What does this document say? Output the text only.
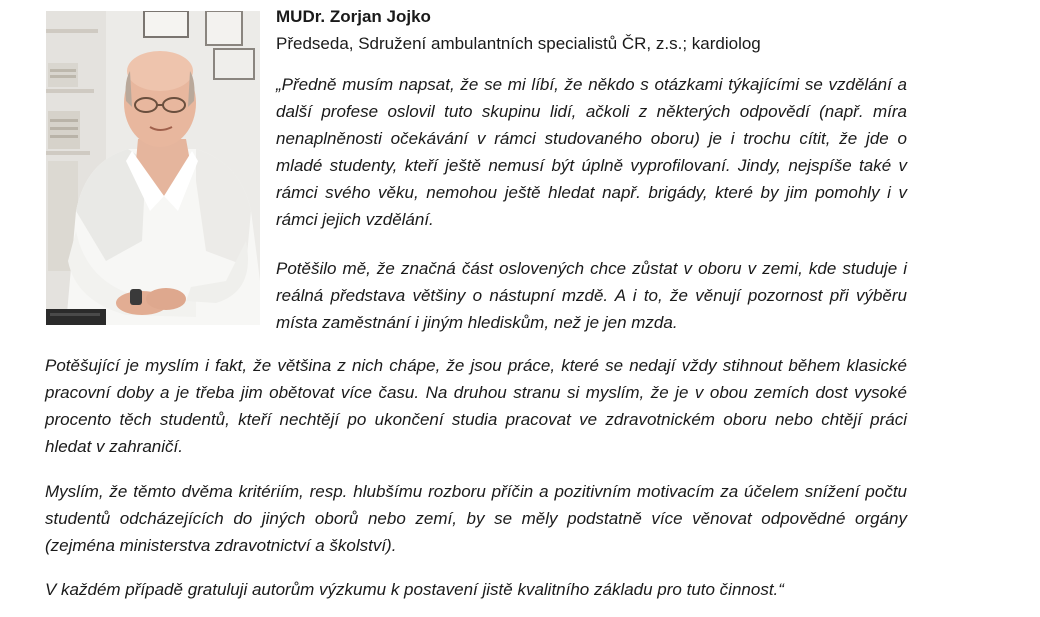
MUDr. Zorjan Jojko
Předseda, Sdružení ambulantních specialistů ČR, z.s.; kardiolog

„Předně musím napsat, že se mi líbí, že někdo s otázkami týkajícími se vzdělání a další profese oslovil tuto skupinu lidí, ačkoli z některých odpovědí (např. míra nenaplněnosti očekávání v rámci studovaného oboru) je i trochu cítit, že jde o mladé studenty, kteří ještě nemusí být úplně vyprofilovaní. Jindy, nejspíše také v rámci svého věku, nemohou ještě hledat např. brigády, které by jim pomohly i v rámci jejich vzdělání.

Potěšilo mě, že značná část oslovených chce zůstat v oboru v zemi, kde studuje i reálná představa většiny o nástupní mzdě. A i to, že věnují pozornost při výběru místa zaměstnání i jiným hlediskům, než je jen mzda.

Potěšující je myslím i fakt, že většina z nich chápe, že jsou práce, které se nedají vždy stihnout během klasické pracovní doby a je třeba jim obětovat více času. Na druhou stranu si myslím, že je v obou zemích dost vysoké procento těch studentů, kteří nechtějí po ukončení studia pracovat ve zdravotnickém oboru nebo chtějí práci hledat v zahraničí.

Myslím, že těmto dvěma kritériím, resp. hlubšímu rozboru příčin a pozitivním motivacím za účelem snížení počtu studentů odcházejících do jiných oborů nebo zemí, by se měly podstatně více věnovat odpovědné orgány (zejména ministerstva zdravotnictví a školství).

V každém případě gratuluji autorům výzkumu k postavení jistě kvalitního základu pro tuto činnost.“
